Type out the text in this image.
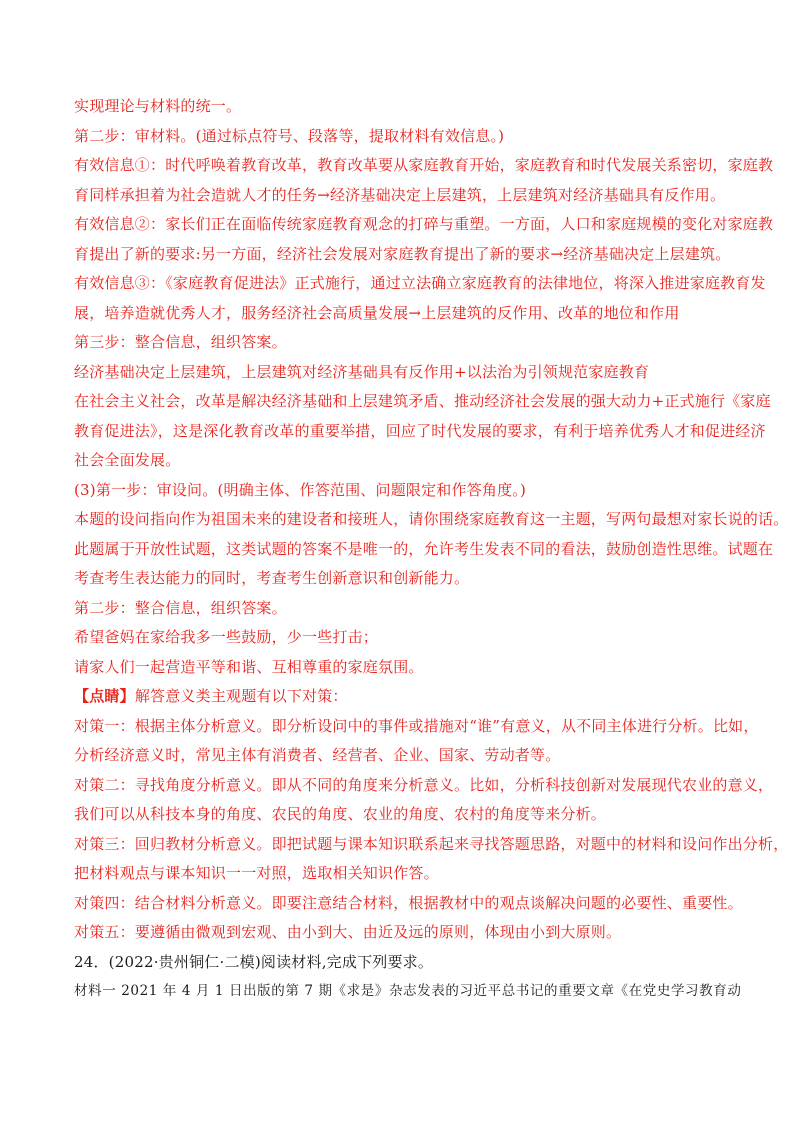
实现理论与材料的统一。
第二步：审材料。(通过标点符号、段落等，提取材料有效信息。)
有效信息①：时代呼唤着教育改革，教育改革要从家庭教育开始，家庭教育和时代发展关系密切，家庭教
育同样承担着为社会造就人才的任务→经济基础决定上层建筑，上层建筑对经济基础具有反作用。
有效信息②：家长们正在面临传统家庭教育观念的打碎与重塑。一方面，人口和家庭规模的变化对家庭教
育提出了新的要求:另一方面，经济社会发展对家庭教育提出了新的要求→经济基础决定上层建筑。
有效信息③：《家庭教育促进法》正式施行，通过立法确立家庭教育的法律地位，将深入推进家庭教育发
展，培养造就优秀人才，服务经济社会高质量发展→上层建筑的反作用、改革的地位和作用
第三步：整合信息，组织答案。
经济基础决定上层建筑，上层建筑对经济基础具有反作用+以法治为引领规范家庭教育
在社会主义社会，改革是解决经济基础和上层建筑矛盾、推动经济社会发展的强大动力+正式施行《家庭
教育促进法》，这是深化教育改革的重要举措，回应了时代发展的要求，有利于培养优秀人才和促进经济
社会全面发展。
(3)第一步：审设问。(明确主体、作答范围、问题限定和作答角度。)
本题的设问指向作为祖国未来的建设者和接班人，请你围绕家庭教育这一主题，写两句最想对家长说的话。
此题属于开放性试题，这类试题的答案不是唯一的，允许考生发表不同的看法，鼓励创造性思维。试题在
考查考生表达能力的同时，考查考生创新意识和创新能力。
第二步：整合信息，组织答案。
希望爸妈在家给我多一些鼓励，少一些打击；
请家人们一起营造平等和谐、互相尊重的家庭氛围。
【点睛】解答意义类主观题有以下对策：
对策一：根据主体分析意义。即分析设问中的事件或措施对“谁”有意义，从不同主体进行分析。比如，
分析经济意义时，常见主体有消费者、经营者、企业、国家、劳动者等。
对策二：寻找角度分析意义。即从不同的角度来分析意义。比如，分析科技创新对发展现代农业的意义，
我们可以从科技本身的角度、农民的角度、农业的角度、农村的角度等来分析。
对策三：回归教材分析意义。即把试题与课本知识联系起来寻找答题思路，对题中的材料和设问作出分析，
把材料观点与课本知识一一对照，选取相关知识作答。
对策四：结合材料分析意义。即要注意结合材料，根据教材中的观点谈解决问题的必要性、重要性。
对策五：要遵循由微观到宏观、由小到大、由近及远的原则，体现由小到大原则。
24．(2022·贵州铜仁·二模)阅读材料,完成下列要求。
材料一 2021 年 4 月 1 日出版的第 7 期《求是》杂志发表的习近平总书记的重要文章《在党史学习教育动
